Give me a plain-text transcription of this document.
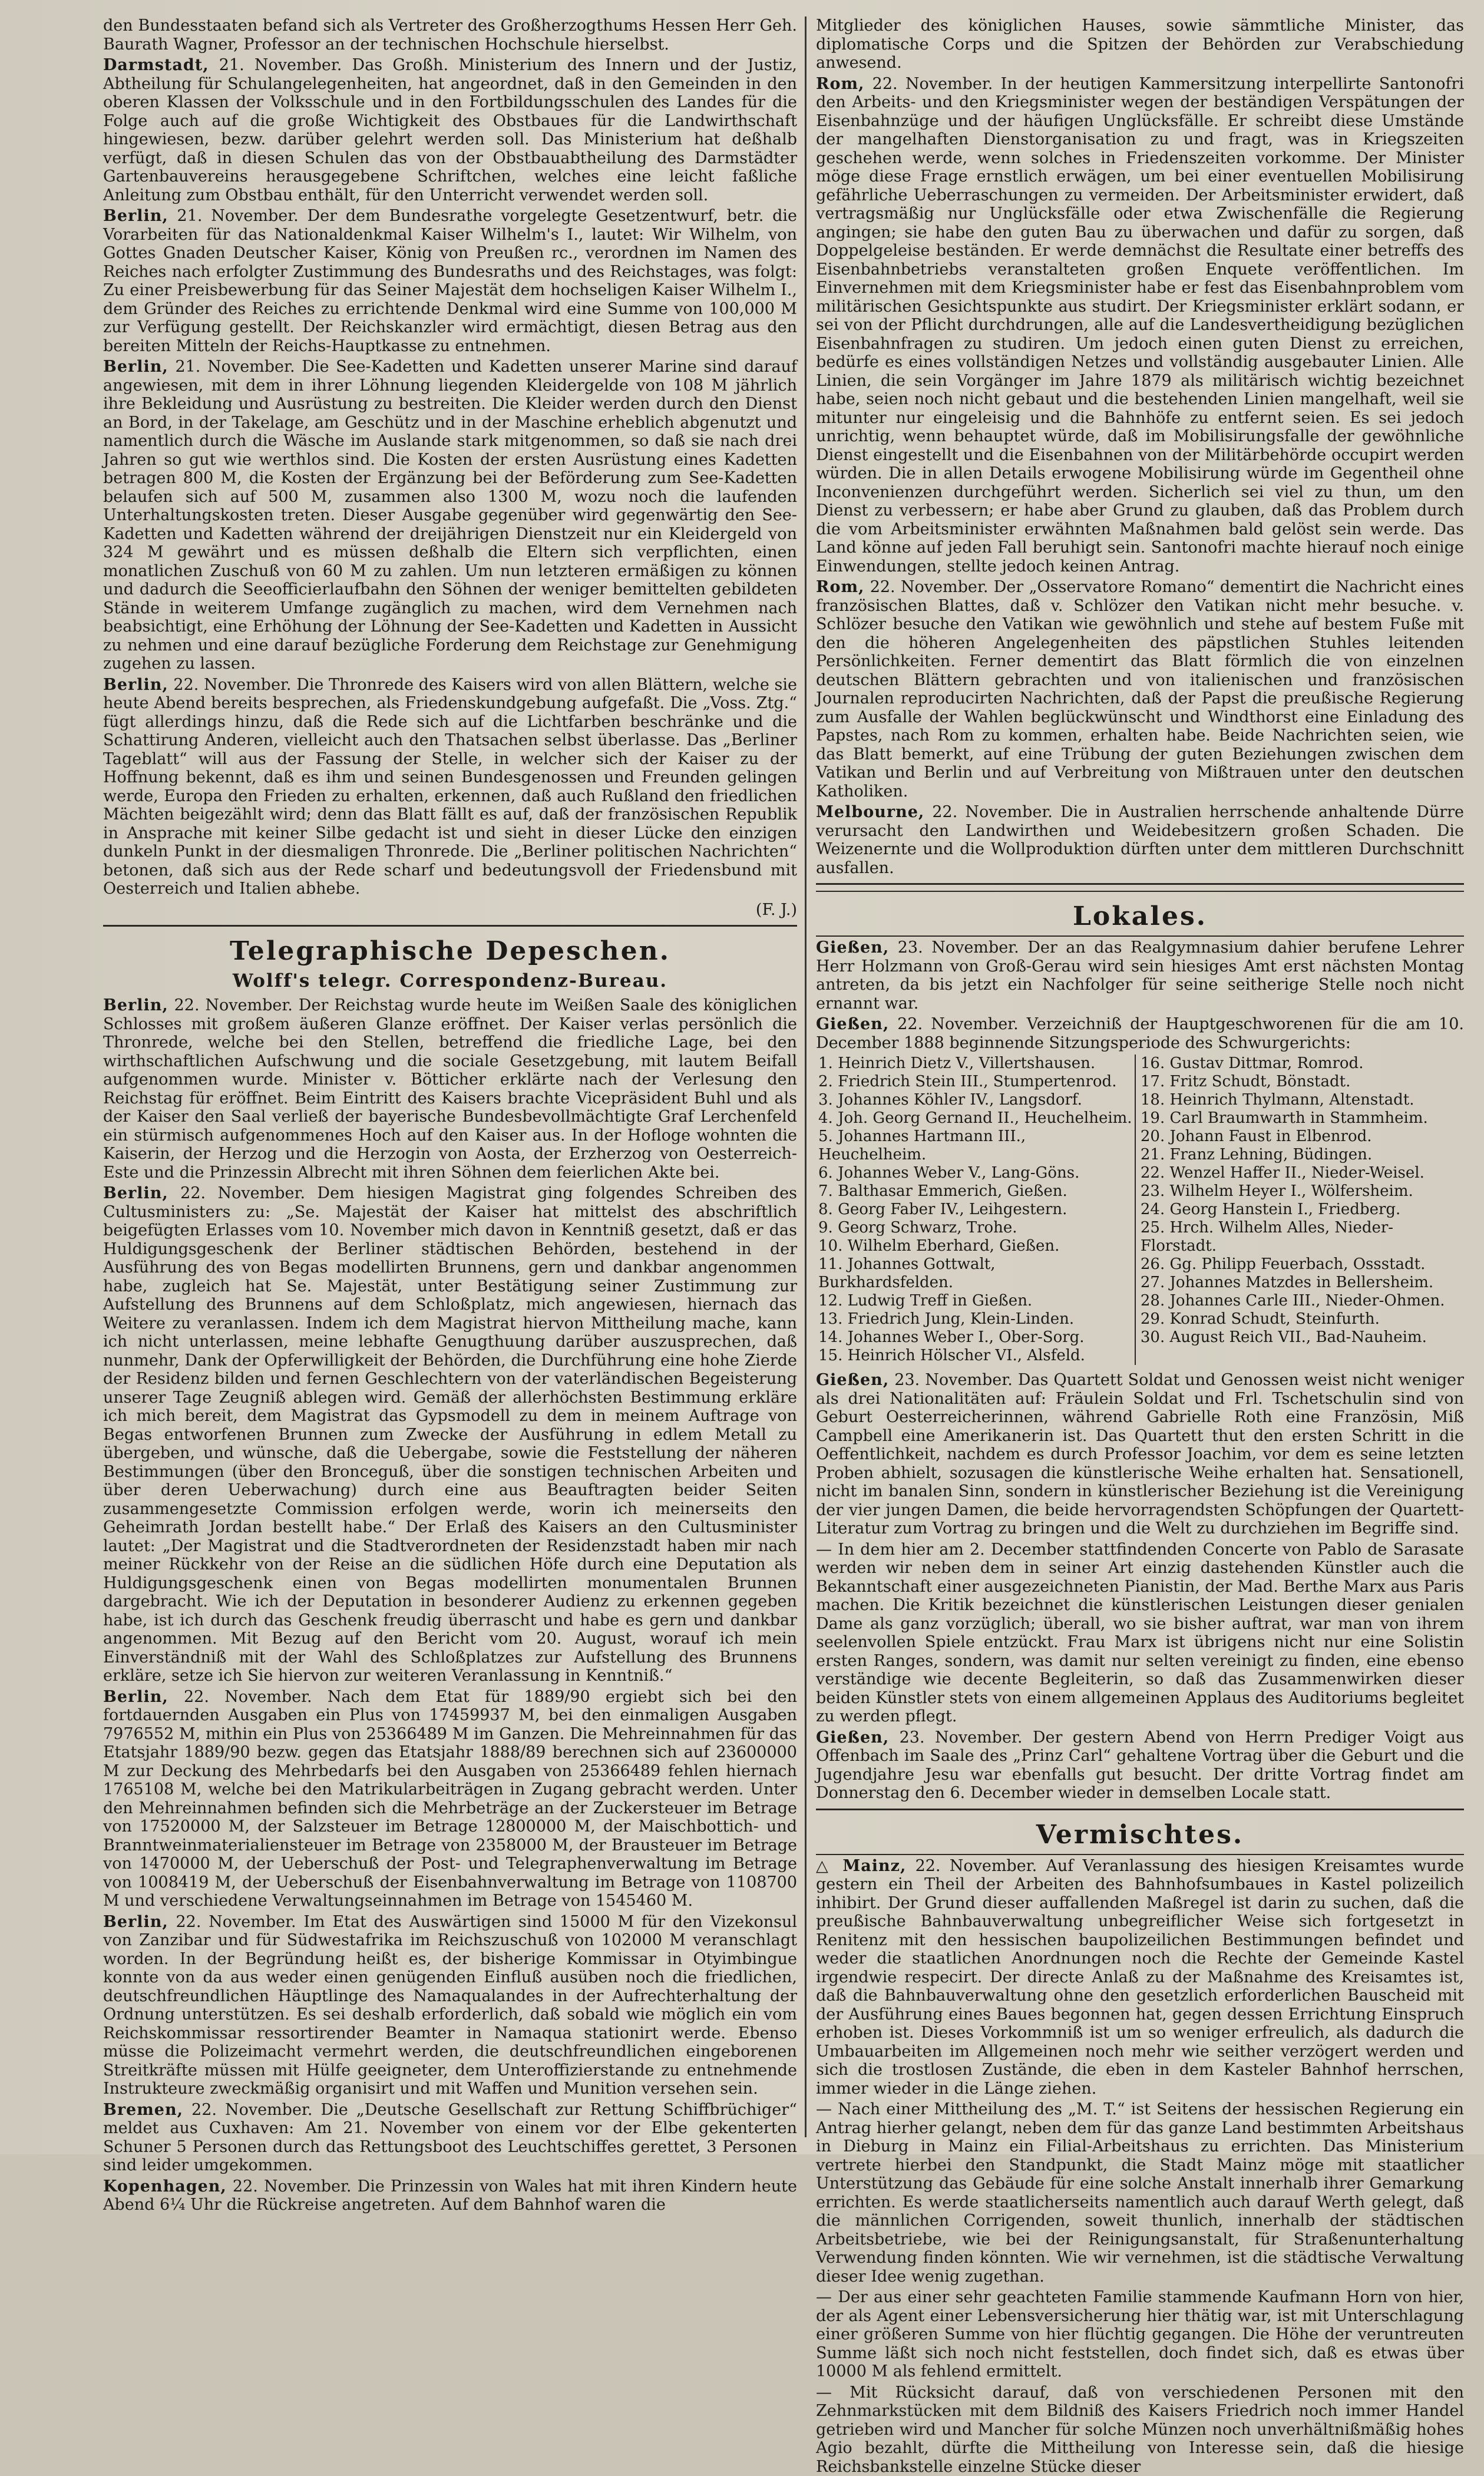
den Bundesstaaten befand sich als Vertreter des Großherzogthums Hessen Herr Geh. Baurath Wagner, Professor an der technischen Hochschule hierselbst.

Darmstadt, 21. November. Das Großh. Ministerium des Innern und der Justiz, Abtheilung für Schulangelegenheiten, hat angeordnet, daß in den Gemeinden in den oberen Klassen der Volksschule und in den Fortbildungsschulen des Landes für die Folge auch auf die große Wichtigkeit des Obstbaues für die Landwirthschaft hingewiesen, bezw. darüber gelehrt werden soll. Das Ministerium hat deßhalb verfügt, daß in diesen Schulen das von der Obstbauabtheilung des Darmstädter Gartenbauvereins herausgegebene Schriftchen, welches eine leicht faßliche Anleitung zum Obstbau enthält, für den Unterricht verwendet werden soll.

Berlin, 21. November. Der dem Bundesrathe vorgelegte Gesetzentwurf, betr. die Vorarbeiten für das Nationaldenkmal Kaiser Wilhelm's I., lautet: Wir Wilhelm, von Gottes Gnaden Deutscher Kaiser, König von Preußen rc., verordnen im Namen des Reiches nach erfolgter Zustimmung des Bundesraths und des Reichstages, was folgt: Zu einer Preisbewerbung für das Seiner Majestät dem hochseligen Kaiser Wilhelm I., dem Gründer des Reiches zu errichtende Denkmal wird eine Summe von 100,000 M zur Verfügung gestellt. Der Reichskanzler wird ermächtigt, diesen Betrag aus den bereiten Mitteln der Reichs-Hauptkasse zu entnehmen.

Berlin, 21. November. Die See-Kadetten und Kadetten unserer Marine sind darauf angewiesen, mit dem in ihrer Löhnung liegenden Kleidergelde von 108 M jährlich ihre Bekleidung und Ausrüstung zu bestreiten. Die Kleider werden durch den Dienst an Bord, in der Takelage, am Geschütz und in der Maschine erheblich abgenutzt und namentlich durch die Wäsche im Auslande stark mitgenommen, so daß sie nach drei Jahren so gut wie werthlos sind. Die Kosten der ersten Ausrüstung eines Kadetten betragen 800 M, die Kosten der Ergänzung bei der Beförderung zum See-Kadetten belaufen sich auf 500 M, zusammen also 1300 M, wozu noch die laufenden Unterhaltungskosten treten. Dieser Ausgabe gegenüber wird gegenwärtig den See-Kadetten und Kadetten während der dreijährigen Dienstzeit nur ein Kleidergeld von 324 M gewährt und es müssen deßhalb die Eltern sich verpflichten, einen monatlichen Zuschuß von 60 M zu zahlen. Um nun letzteren ermäßigen zu können und dadurch die Seeofficierlaufbahn den Söhnen der weniger bemittelten gebildeten Stände in weiterem Umfange zugänglich zu machen, wird dem Vernehmen nach beabsichtigt, eine Erhöhung der Löhnung der See-Kadetten und Kadetten in Aussicht zu nehmen und eine darauf bezügliche Forderung dem Reichstage zur Genehmigung zugehen zu lassen.

Berlin, 22. November. Die Thronrede des Kaisers wird von allen Blättern, welche sie heute Abend bereits besprechen, als Friedenskundgebung aufgefaßt. Die „Voss. Ztg.“ fügt allerdings hinzu, daß die Rede sich auf die Lichtfarben beschränke und die Schattirung Anderen, vielleicht auch den Thatsachen selbst überlasse. Das „Berliner Tageblatt“ will aus der Fassung der Stelle, in welcher sich der Kaiser zu der Hoffnung bekennt, daß es ihm und seinen Bundesgenossen und Freunden gelingen werde, Europa den Frieden zu erhalten, erkennen, daß auch Rußland den friedlichen Mächten beigezählt wird; denn das Blatt fällt es auf, daß der französischen Republik in Ansprache mit keiner Silbe gedacht ist und sieht in dieser Lücke den einzigen dunkeln Punkt in der diesmaligen Thronrede. Die „Berliner politischen Nachrichten“ betonen, daß sich aus der Rede scharf und bedeutungsvoll der Friedensbund mit Oesterreich und Italien abhebe.

(F. J.)
Telegraphische Depeschen.
Wolff's telegr. Correspondenz-Bureau.

Berlin, 22. November. Der Reichstag wurde heute im Weißen Saale des königlichen Schlosses mit großem äußeren Glanze eröffnet. Der Kaiser verlas persönlich die Thronrede, welche bei den Stellen, betreffend die friedliche Lage, bei den wirthschaftlichen Aufschwung und die sociale Gesetzgebung, mit lautem Beifall aufgenommen wurde. Minister v. Bötticher erklärte nach der Verlesung den Reichstag für eröffnet. Beim Eintritt des Kaisers brachte Vicepräsident Buhl und als der Kaiser den Saal verließ der bayerische Bundesbevollmächtigte Graf Lerchenfeld ein stürmisch aufgenommenes Hoch auf den Kaiser aus. In der Hofloge wohnten die Kaiserin, der Herzog und die Herzogin von Aosta, der Erzherzog von Oesterreich-Este und die Prinzessin Albrecht mit ihren Söhnen dem feierlichen Akte bei.

Berlin, 22. November. Dem hiesigen Magistrat ging folgendes Schreiben des Cultusministers zu: „Se. Majestät der Kaiser hat mittelst des abschriftlich beigefügten Erlasses vom 10. November mich davon in Kenntniß gesetzt, daß er das Huldigungsgeschenk der Berliner städtischen Behörden, bestehend in der Ausführung des von Begas modellirten Brunnens, gern und dankbar angenommen habe, zugleich hat Se. Majestät, unter Bestätigung seiner Zustimmung zur Aufstellung des Brunnens auf dem Schloßplatz, mich angewiesen, hiernach das Weitere zu veranlassen. Indem ich dem Magistrat hiervon Mittheilung mache, kann ich nicht unterlassen, meine lebhafte Genugthuung darüber auszusprechen, daß nunmehr, Dank der Opferwilligkeit der Behörden, die Durchführung eine hohe Zierde der Residenz bilden und fernen Geschlechtern von der vaterländischen Begeisterung unserer Tage Zeugniß ablegen wird. Gemäß der allerhöchsten Bestimmung erkläre ich mich bereit, dem Magistrat das Gypsmodell zu dem in meinem Auftrage von Begas entworfenen Brunnen zum Zwecke der Ausführung in edlem Metall zu übergeben, und wünsche, daß die Uebergabe, sowie die Feststellung der näheren Bestimmungen (über den Bronceguß, über die sonstigen technischen Arbeiten und über deren Ueberwachung) durch eine aus Beauftragten beider Seiten zusammengesetzte Commission erfolgen werde, worin ich meinerseits den Geheimrath Jordan bestellt habe.“ Der Erlaß des Kaisers an den Cultusminister lautet: „Der Magistrat und die Stadtverordneten der Residenzstadt haben mir nach meiner Rückkehr von der Reise an die südlichen Höfe durch eine Deputation als Huldigungsgeschenk einen von Begas modellirten monumentalen Brunnen dargebracht. Wie ich der Deputation in besonderer Audienz zu erkennen gegeben habe, ist ich durch das Geschenk freudig überrascht und habe es gern und dankbar angenommen. Mit Bezug auf den Bericht vom 20. August, worauf ich mein Einverständniß mit der Wahl des Schloßplatzes zur Aufstellung des Brunnens erkläre, setze ich Sie hiervon zur weiteren Veranlassung in Kenntniß.“

Berlin, 22. November. Nach dem Etat für 1889/90 ergiebt sich bei den fortdauernden Ausgaben ein Plus von 17459937 M, bei den einmaligen Ausgaben 7976552 M, mithin ein Plus von 25366489 M im Ganzen. Die Mehreinnahmen für das Etatsjahr 1889/90 bezw. gegen das Etatsjahr 1888/89 berechnen sich auf 23600000 M zur Deckung des Mehrbedarfs bei den Ausgaben von 25366489 fehlen hiernach 1765108 M, welche bei den Matrikularbeiträgen in Zugang gebracht werden. Unter den Mehreinnahmen befinden sich die Mehrbeträge an der Zuckersteuer im Betrage von 17520000 M, der Salzsteuer im Betrage 12800000 M, der Maischbottich- und Branntweinmaterialiensteuer im Betrage von 2358000 M, der Brausteuer im Betrage von 1470000 M, der Ueberschuß der Post- und Telegraphenverwaltung im Betrage von 1008419 M, der Ueberschuß der Eisenbahnverwaltung im Betrage von 1108700 M und verschiedene Verwaltungseinnahmen im Betrage von 1545460 M.

Berlin, 22. November. Im Etat des Auswärtigen sind 15000 M für den Vizekonsul von Zanzibar und für Südwestafrika im Reichszuschuß von 102000 M veranschlagt worden. In der Begründung heißt es, der bisherige Kommissar in Otyimbingue konnte von da aus weder einen genügenden Einfluß ausüben noch die friedlichen, deutschfreundlichen Häuptlinge des Namaqualandes in der Aufrechterhaltung der Ordnung unterstützen. Es sei deshalb erforderlich, daß sobald wie möglich ein vom Reichskommissar ressortirender Beamter in Namaqua stationirt werde. Ebenso müsse die Polizeimacht vermehrt werden, die deutschfreundlichen eingeborenen Streitkräfte müssen mit Hülfe geeigneter, dem Unteroffizierstande zu entnehmende Instrukteure zweckmäßig organisirt und mit Waffen und Munition versehen sein.

Bremen, 22. November. Die „Deutsche Gesellschaft zur Rettung Schiffbrüchiger“ meldet aus Cuxhaven: Am 21. November von einem vor der Elbe gekenterten Schuner 5 Personen durch das Rettungsboot des Leuchtschiffes gerettet, 3 Personen sind leider umgekommen.

Kopenhagen, 22. November. Die Prinzessin von Wales hat mit ihren Kindern heute Abend 6¼ Uhr die Rückreise angetreten. Auf dem Bahnhof waren die

Mitglieder des königlichen Hauses, sowie sämmtliche Minister, das diplomatische Corps und die Spitzen der Behörden zur Verabschiedung anwesend.

Rom, 22. November. In der heutigen Kammersitzung interpellirte Santonofri den Arbeits- und den Kriegsminister wegen der beständigen Verspätungen der Eisenbahnzüge und der häufigen Unglücksfälle. Er schreibt diese Umstände der mangelhaften Dienstorganisation zu und fragt, was in Kriegszeiten geschehen werde, wenn solches in Friedenszeiten vorkomme. Der Minister möge diese Frage ernstlich erwägen, um bei einer eventuellen Mobilisirung gefährliche Ueberraschungen zu vermeiden. Der Arbeitsminister erwidert, daß vertragsmäßig nur Unglücksfälle oder etwa Zwischenfälle die Regierung angingen; sie habe den guten Bau zu überwachen und dafür zu sorgen, daß Doppelgeleise beständen. Er werde demnächst die Resultate einer betreffs des Eisenbahnbetriebs veranstalteten großen Enquete veröffentlichen. Im Einvernehmen mit dem Kriegsminister habe er fest das Eisenbahnproblem vom militärischen Gesichtspunkte aus studirt. Der Kriegsminister erklärt sodann, er sei von der Pflicht durchdrungen, alle auf die Landesvertheidigung bezüglichen Eisenbahnfragen zu studiren. Um jedoch einen guten Dienst zu erreichen, bedürfe es eines vollständigen Netzes und vollständig ausgebauter Linien. Alle Linien, die sein Vorgänger im Jahre 1879 als militärisch wichtig bezeichnet habe, seien noch nicht gebaut und die bestehenden Linien mangelhaft, weil sie mitunter nur eingeleisig und die Bahnhöfe zu entfernt seien. Es sei jedoch unrichtig, wenn behauptet würde, daß im Mobilisirungsfalle der gewöhnliche Dienst eingestellt und die Eisenbahnen von der Militärbehörde occupirt werden würden. Die in allen Details erwogene Mobilisirung würde im Gegentheil ohne Inconvenienzen durchgeführt werden. Sicherlich sei viel zu thun, um den Dienst zu verbessern; er habe aber Grund zu glauben, daß das Problem durch die vom Arbeitsminister erwähnten Maßnahmen bald gelöst sein werde. Das Land könne auf jeden Fall beruhigt sein. Santonofri machte hierauf noch einige Einwendungen, stellte jedoch keinen Antrag.

Rom, 22. November. Der „Osservatore Romano“ dementirt die Nachricht eines französischen Blattes, daß v. Schlözer den Vatikan nicht mehr besuche. v. Schlözer besuche den Vatikan wie gewöhnlich und stehe auf bestem Fuße mit den die höheren Angelegenheiten des päpstlichen Stuhles leitenden Persönlichkeiten. Ferner dementirt das Blatt förmlich die von einzelnen deutschen Blättern gebrachten und von italienischen und französischen Journalen reproducirten Nachrichten, daß der Papst die preußische Regierung zum Ausfalle der Wahlen beglückwünscht und Windthorst eine Einladung des Papstes, nach Rom zu kommen, erhalten habe. Beide Nachrichten seien, wie das Blatt bemerkt, auf eine Trübung der guten Beziehungen zwischen dem Vatikan und Berlin und auf Verbreitung von Mißtrauen unter den deutschen Katholiken.

Melbourne, 22. November. Die in Australien herrschende anhaltende Dürre verursacht den Landwirthen und Weidebesitzern großen Schaden. Die Weizenernte und die Wollproduktion dürften unter dem mittleren Durchschnitt ausfallen.

Lokales.

Gießen, 23. November. Der an das Realgymnasium dahier berufene Lehrer Herr Holzmann von Groß-Gerau wird sein hiesiges Amt erst nächsten Montag antreten, da bis jetzt ein Nachfolger für seine seitherige Stelle noch nicht ernannt war.

Gießen, 22. November. Verzeichniß der Hauptgeschworenen für die am 10. December 1888 beginnende Sitzungsperiode des Schwurgerichts:

1. Heinrich Dietz V., Villertshausen.
2. Friedrich Stein III., Stumpertenrod.
3. Johannes Köhler IV., Langsdorf.
4. Joh. Georg Gernand II., Heuchelheim.
5. Johannes Hartmann III., Heuchelheim.
6. Johannes Weber V., Lang-Göns.
7. Balthasar Emmerich, Gießen.
8. Georg Faber IV., Leihgestern.
9. Georg Schwarz, Trohe.
10. Wilhelm Eberhard, Gießen.
11. Johannes Gottwalt, Burkhardsfelden.
12. Ludwig Treff in Gießen.
13. Friedrich Jung, Klein-Linden.
14. Johannes Weber I., Ober-Sorg.
15. Heinrich Hölscher VI., Alsfeld.

16. Gustav Dittmar, Romrod.
17. Fritz Schudt, Bönstadt.
18. Heinrich Thylmann, Altenstadt.
19. Carl Braumwarth in Stammheim.
20. Johann Faust in Elbenrod.
21. Franz Lehning, Büdingen.
22. Wenzel Haffer II., Nieder-Weisel.
23. Wilhelm Heyer I., Wölfersheim.
24. Georg Hanstein I., Friedberg.
25. Hrch. Wilhelm Alles, Nieder-Florstadt.
26. Gg. Philipp Feuerbach, Ossstadt.
27. Johannes Matzdes in Bellersheim.
28. Johannes Carle III., Nieder-Ohmen.
29. Konrad Schudt, Steinfurth.
30. August Reich VII., Bad-Nauheim.

Gießen, 23. November. Das Quartett Soldat und Genossen weist nicht weniger als drei Nationalitäten auf: Fräulein Soldat und Frl. Tschetschulin sind von Geburt Oesterreicherinnen, während Gabrielle Roth eine Französin, Miß Campbell eine Amerikanerin ist. Das Quartett thut den ersten Schritt in die Oeffentlichkeit, nachdem es durch Professor Joachim, vor dem es seine letzten Proben abhielt, sozusagen die künstlerische Weihe erhalten hat. Sensationell, nicht im banalen Sinn, sondern in künstlerischer Beziehung ist die Vereinigung der vier jungen Damen, die beide hervorragendsten Schöpfungen der Quartett-Literatur zum Vortrag zu bringen und die Welt zu durchziehen im Begriffe sind.

— In dem hier am 2. December stattfindenden Concerte von Pablo de Sarasate werden wir neben dem in seiner Art einzig dastehenden Künstler auch die Bekanntschaft einer ausgezeichneten Pianistin, der Mad. Berthe Marx aus Paris machen. Die Kritik bezeichnet die künstlerischen Leistungen dieser genialen Dame als ganz vorzüglich; überall, wo sie bisher auftrat, war man von ihrem seelenvollen Spiele entzückt. Frau Marx ist übrigens nicht nur eine Solistin ersten Ranges, sondern, was damit nur selten vereinigt zu finden, eine ebenso verständige wie decente Begleiterin, so daß das Zusammenwirken dieser beiden Künstler stets von einem allgemeinen Applaus des Auditoriums begleitet zu werden pflegt.

Gießen, 23. November. Der gestern Abend von Herrn Prediger Voigt aus Offenbach im Saale des „Prinz Carl“ gehaltene Vortrag über die Geburt und die Jugendjahre Jesu war ebenfalls gut besucht. Der dritte Vortrag findet am Donnerstag den 6. December wieder in demselben Locale statt.

Vermischtes.

△ Mainz, 22. November. Auf Veranlassung des hiesigen Kreisamtes wurde gestern ein Theil der Arbeiten des Bahnhofsumbaues in Kastel polizeilich inhibirt. Der Grund dieser auffallenden Maßregel ist darin zu suchen, daß die preußische Bahnbauverwaltung unbegreiflicher Weise sich fortgesetzt in Renitenz mit den hessischen baupolizeilichen Bestimmungen befindet und weder die staatlichen Anordnungen noch die Rechte der Gemeinde Kastel irgendwie respecirt. Der directe Anlaß zu der Maßnahme des Kreisamtes ist, daß die Bahnbauverwaltung ohne den gesetzlich erforderlichen Bauscheid mit der Ausführung eines Baues begonnen hat, gegen dessen Errichtung Einspruch erhoben ist. Dieses Vorkommniß ist um so weniger erfreulich, als dadurch die Umbauarbeiten im Allgemeinen noch mehr wie seither verzögert werden und sich die trostlosen Zustände, die eben in dem Kasteler Bahnhof herrschen, immer wieder in die Länge ziehen.

— Nach einer Mittheilung des „M. T.“ ist Seitens der hessischen Regierung ein Antrag hierher gelangt, neben dem für das ganze Land bestimmten Arbeitshaus in Dieburg in Mainz ein Filial-Arbeitshaus zu errichten. Das Ministerium vertrete hierbei den Standpunkt, die Stadt Mainz möge mit staatlicher Unterstützung das Gebäude für eine solche Anstalt innerhalb ihrer Gemarkung errichten. Es werde staatlicherseits namentlich auch darauf Werth gelegt, daß die männlichen Corrigenden, soweit thunlich, innerhalb der städtischen Arbeitsbetriebe, wie bei der Reinigungsanstalt, für Straßenunterhaltung Verwendung finden könnten. Wie wir vernehmen, ist die städtische Verwaltung dieser Idee wenig zugethan.

— Der aus einer sehr geachteten Familie stammende Kaufmann Horn von hier, der als Agent einer Lebensversicherung hier thätig war, ist mit Unterschlagung einer größeren Summe von hier flüchtig gegangen. Die Höhe der veruntreuten Summe läßt sich noch nicht feststellen, doch findet sich, daß es etwas über 10000 M als fehlend ermittelt.

— Mit Rücksicht darauf, daß von verschiedenen Personen mit den Zehnmarkstücken mit dem Bildniß des Kaisers Friedrich noch immer Handel getrieben wird und Mancher für solche Münzen noch unverhältnißmäßig hohes Agio bezahlt, dürfte die Mittheilung von Interesse sein, daß die hiesige Reichsbankstelle einzelne Stücke dieser
